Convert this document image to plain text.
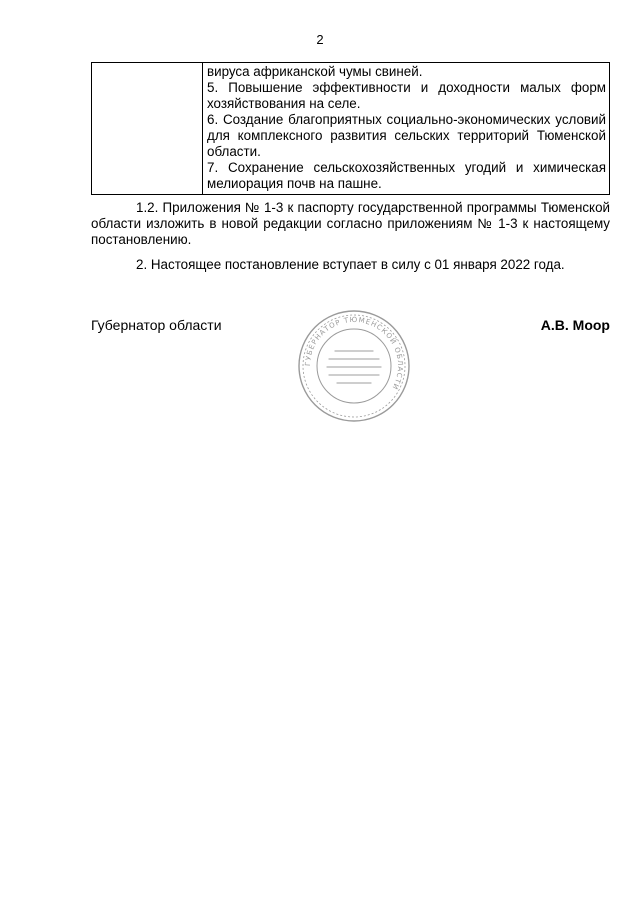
2

вируса африканской чумы свиней.
5. Повышение эффективности и доходности малых форм хозяйствования на селе.
6. Создание благоприятных социально-экономических условий для комплексного развития сельских территорий Тюменской области.
7. Сохранение сельскохозяйственных угодий и химическая мелиорация почв на пашне.
1.2. Приложения № 1-3 к паспорту государственной программы Тюменской области изложить в новой редакции согласно приложениям № 1-3 к настоящему постановлению.
2. Настоящее постановление вступает в силу с 01 января 2022 года.
Губернатор области
ГУБЕРНАТОР ТЮМЕНСКОЙ ОБЛАСТИ
А.В. Моор
